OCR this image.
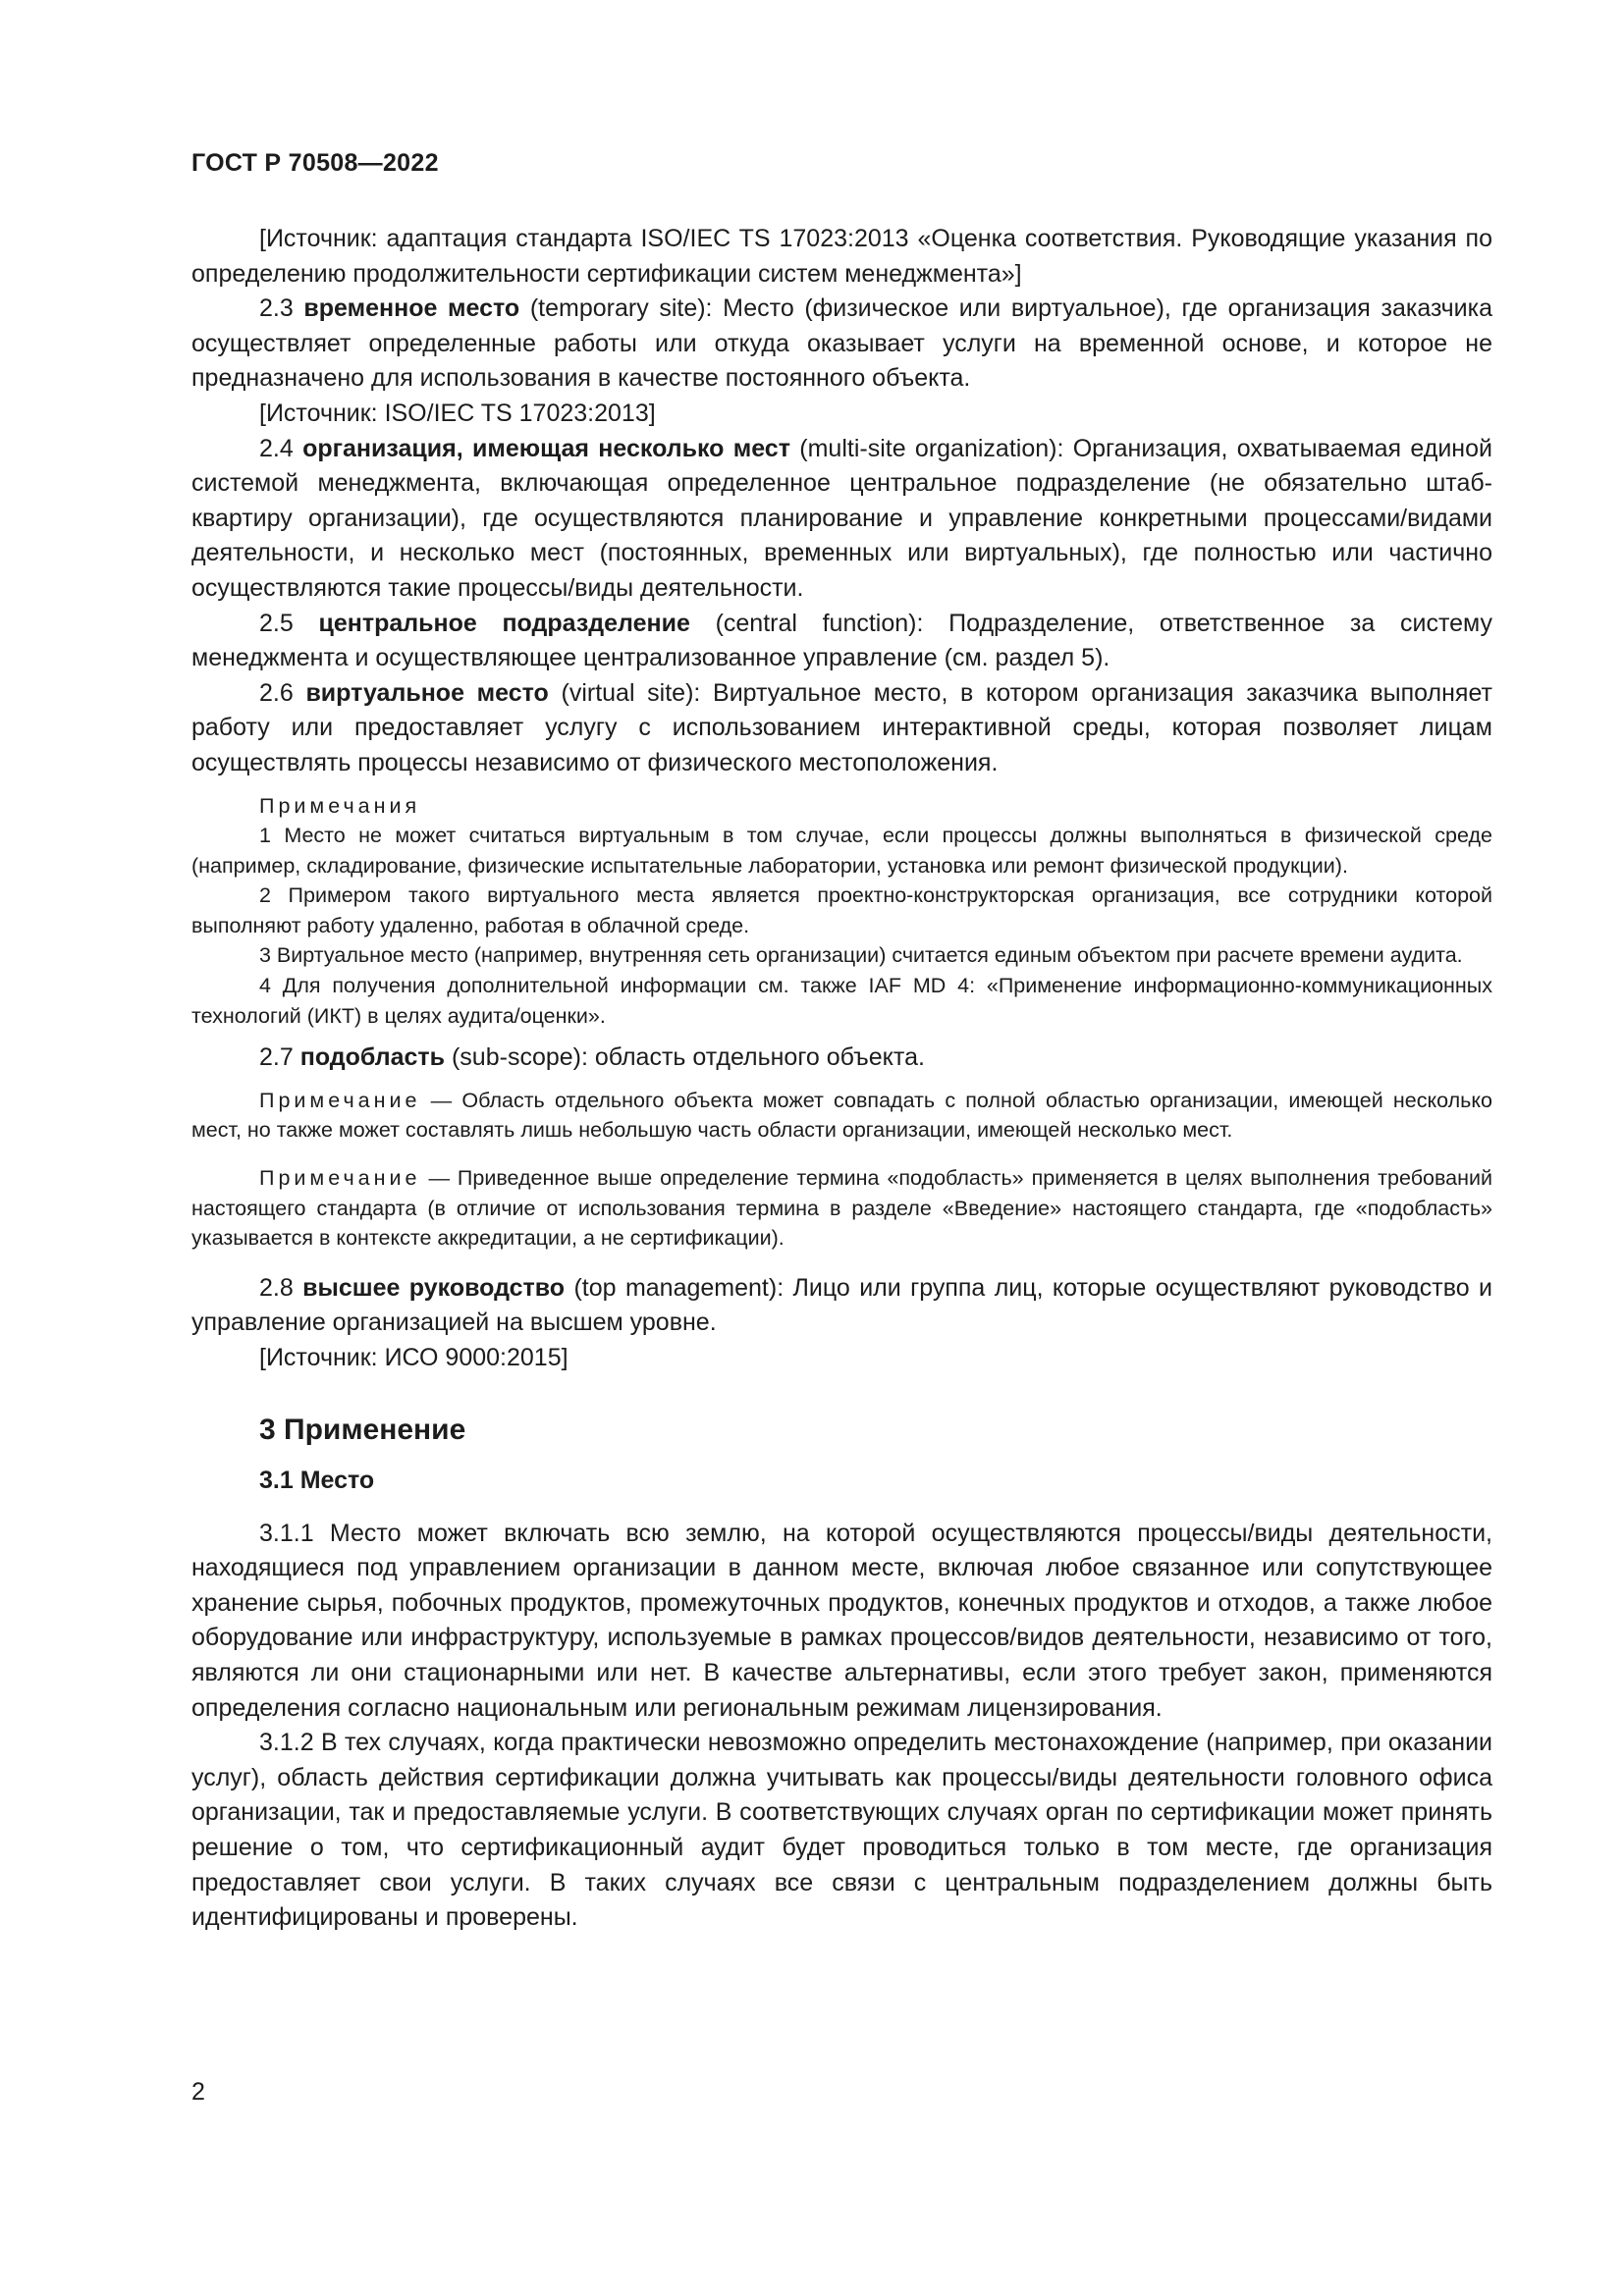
ГОСТ Р 70508—2022

[Источник: адаптация стандарта ISO/IEC TS 17023:2013 «Оценка соответствия. Руководящие указания по определению продолжительности сертификации систем менеджмента»]

2.3 временное место (temporary site): Место (физическое или виртуальное), где организация заказчика осуществляет определенные работы или откуда оказывает услуги на временной основе, и которое не предназначено для использования в качестве постоянного объекта.

[Источник: ISO/IEC TS 17023:2013]

2.4 организация, имеющая несколько мест (multi-site organization): Организация, охватываемая единой системой менеджмента, включающая определенное центральное подразделение (не обязательно штаб-квартиру организации), где осуществляются планирование и управление конкретными процессами/видами деятельности, и несколько мест (постоянных, временных или виртуальных), где полностью или частично осуществляются такие процессы/виды деятельности.

2.5 центральное подразделение (central function): Подразделение, ответственное за систему менеджмента и осуществляющее централизованное управление (см. раздел 5).

2.6 виртуальное место (virtual site): Виртуальное место, в котором организация заказчика выполняет работу или предоставляет услугу с использованием интерактивной среды, которая позволяет лицам осуществлять процессы независимо от физического местоположения.

Примечания

1 Место не может считаться виртуальным в том случае, если процессы должны выполняться в физической среде (например, складирование, физические испытательные лаборатории, установка или ремонт физической продукции).

2 Примером такого виртуального места является проектно-конструкторская организация, все сотрудники которой выполняют работу удаленно, работая в облачной среде.

3 Виртуальное место (например, внутренняя сеть организации) считается единым объектом при расчете времени аудита.

4 Для получения дополнительной информации см. также IAF MD 4: «Применение информационно-коммуникационных технологий (ИКТ) в целях аудита/оценки».

2.7 подобласть (sub-scope): область отдельного объекта.

Примечание — Область отдельного объекта может совпадать с полной областью организации, имеющей несколько мест, но также может составлять лишь небольшую часть области организации, имеющей несколько мест.

Примечание — Приведенное выше определение термина «подобласть» применяется в целях выполнения требований настоящего стандарта (в отличие от использования термина в разделе «Введение» настоящего стандарта, где «подобласть» указывается в контексте аккредитации, а не сертификации).

2.8 высшее руководство (top management): Лицо или группа лиц, которые осуществляют руководство и управление организацией на высшем уровне.

[Источник: ИСО 9000:2015]

3 Применение
3.1 Место

3.1.1 Место может включать всю землю, на которой осуществляются процессы/виды деятельности, находящиеся под управлением организации в данном месте, включая любое связанное или сопутствующее хранение сырья, побочных продуктов, промежуточных продуктов, конечных продуктов и отходов, а также любое оборудование или инфраструктуру, используемые в рамках процессов/видов деятельности, независимо от того, являются ли они стационарными или нет. В качестве альтернативы, если этого требует закон, применяются определения согласно национальным или региональным режимам лицензирования.

3.1.2 В тех случаях, когда практически невозможно определить местонахождение (например, при оказании услуг), область действия сертификации должна учитывать как процессы/виды деятельности головного офиса организации, так и предоставляемые услуги. В соответствующих случаях орган по сертификации может принять решение о том, что сертификационный аудит будет проводиться только в том месте, где организация предоставляет свои услуги. В таких случаях все связи с центральным подразделением должны быть идентифицированы и проверены.

2
